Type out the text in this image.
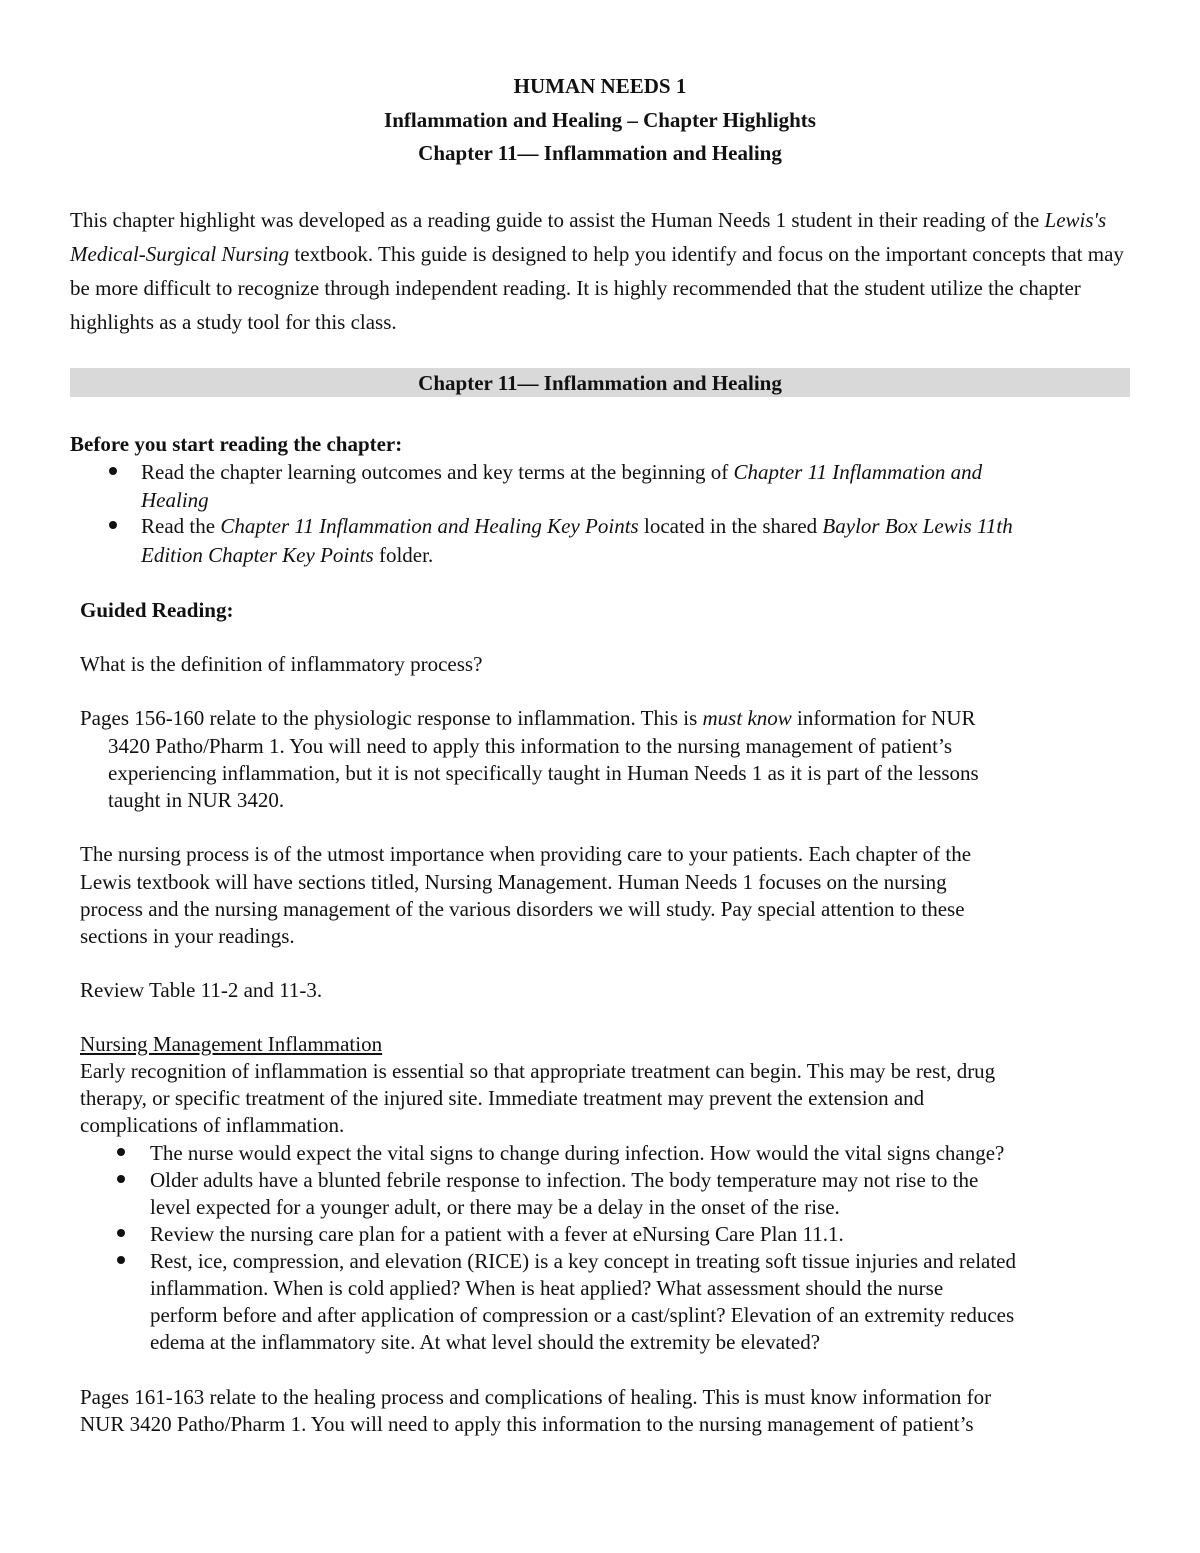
HUMAN NEEDS 1
Inflammation and Healing – Chapter Highlights
Chapter 11— Inflammation and Healing
This chapter highlight was developed as a reading guide to assist the Human Needs 1 student in their reading of the Lewis's Medical-Surgical Nursing textbook. This guide is designed to help you identify and focus on the important concepts that may be more difficult to recognize through independent reading. It is highly recommended that the student utilize the chapter highlights as a study tool for this class.
Chapter 11— Inflammation and Healing
Before you start reading the chapter:
Read the chapter learning outcomes and key terms at the beginning of Chapter 11 Inflammation and
Healing
Read the Chapter 11 Inflammation and Healing Key Points located in the shared Baylor Box Lewis 11th
Edition Chapter Key Points folder.
Guided Reading:
What is the definition of inflammatory process?
Pages 156-160 relate to the physiologic response to inflammation. This is must know information for NUR
3420 Patho/Pharm 1. You will need to apply this information to the nursing management of patient’s
experiencing inflammation, but it is not specifically taught in Human Needs 1 as it is part of the lessons
taught in NUR 3420.
The nursing process is of the utmost importance when providing care to your patients. Each chapter of the
Lewis textbook will have sections titled, Nursing Management. Human Needs 1 focuses on the nursing
process and the nursing management of the various disorders we will study. Pay special attention to these
sections in your readings.
Review Table 11-2 and 11-3.
Nursing Management Inflammation
Early recognition of inflammation is essential so that appropriate treatment can begin. This may be rest, drug
therapy, or specific treatment of the injured site. Immediate treatment may prevent the extension and
complications of inflammation.
The nurse would expect the vital signs to change during infection. How would the vital signs change?
Older adults have a blunted febrile response to infection. The body temperature may not rise to the
level expected for a younger adult, or there may be a delay in the onset of the rise.
Review the nursing care plan for a patient with a fever at eNursing Care Plan 11.1.
Rest, ice, compression, and elevation (RICE) is a key concept in treating soft tissue injuries and related
inflammation. When is cold applied? When is heat applied? What assessment should the nurse
perform before and after application of compression or a cast/splint? Elevation of an extremity reduces
edema at the inflammatory site. At what level should the extremity be elevated?
Pages 161-163 relate to the healing process and complications of healing. This is must know information for
NUR 3420 Patho/Pharm 1. You will need to apply this information to the nursing management of patient’s
